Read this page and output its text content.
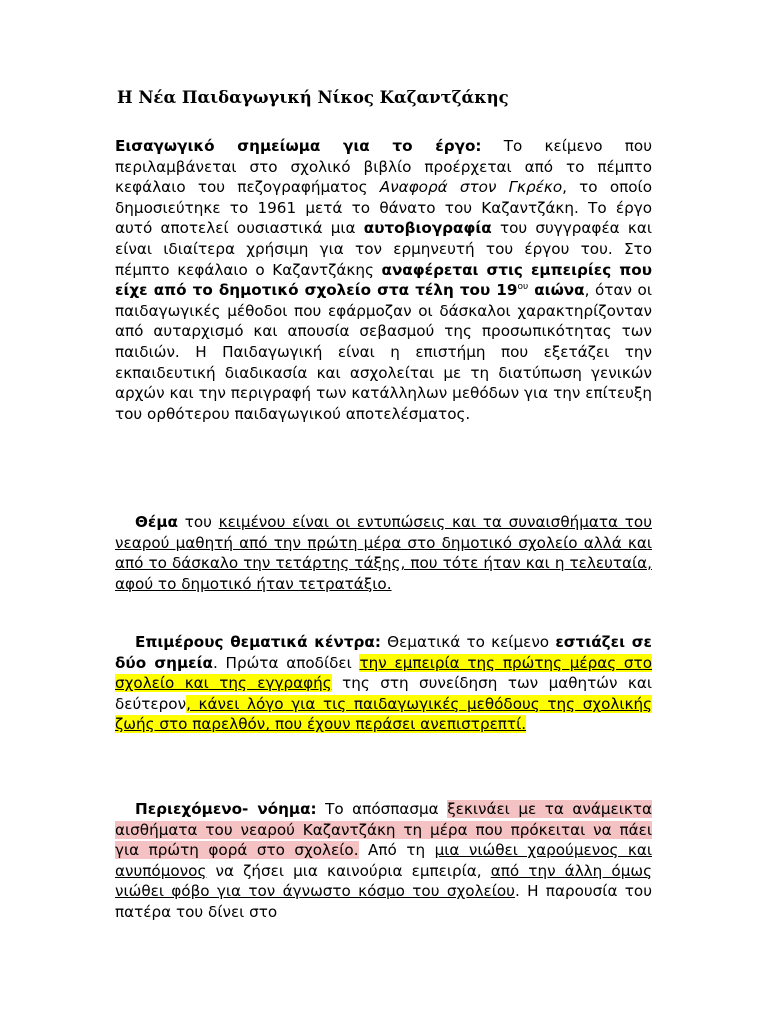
Η Νέα Παιδαγωγική Νίκος Καζαντζάκης
Εισαγωγικό σημείωμα για το έργο: Το κείμενο που περιλαμβάνεται στο σχολικό βιβλίο προέρχεται από το πέμπτο κεφάλαιο του πεζογραφήματος Αναφορά στον Γκρέκο, το οποίο δημοσιεύτηκε το 1961 μετά το θάνατο του Καζαντζάκη. Το έργο αυτό αποτελεί ουσιαστικά μια αυτοβιογραφία του συγγραφέα και είναι ιδιαίτερα χρήσιμη για τον ερμηνευτή του έργου του. Στο πέμπτο κεφάλαιο ο Καζαντζάκης αναφέρεται στις εμπειρίες που είχε από το δημοτικό σχολείο στα τέλη του $19^{o\upsilon}$ αιώνα, όταν οι παιδαγωγικές μέθοδοι που εφάρμοζαν οι δάσκαλοι χαρακτηρίζονταν από αυταρχισμό και απουσία σεβασμού της προσωπικότητας των παιδιών. Η Παιδαγωγική είναι η επιστήμη που εξετάζει την εκπαιδευτική διαδικασία και ασχολείται με τη διατύπωση γενικών αρχών και την περιγραφή των κατάλληλων μεθόδων για την επίτευξη του ορθότερου παιδαγωγικού αποτελέσματος.
Θέμα του κειμένου είναι οι εντυπώσεις και τα συναισθήματα του νεαρού μαθητή από την πρώτη μέρα στο δημοτικό σχολείο αλλά και από το δάσκαλο την τετάρτης τάξης, που τότε ήταν και η τελευταία, αφού το δημοτικό ήταν τετρατάξιο.
Επιμέρους θεματικά κέντρα: Θεματικά το κείμενο εστιάζει σε δύο σημεία. Πρώτα αποδίδει την εμπειρία της πρώτης μέρας στο σχολείο και της εγγραφής της στη συνείδηση των μαθητών και δεύτερον, κάνει λόγο για τις παιδαγωγικές μεθόδους της σχολικής ζωής στο παρελθόν, που έχουν περάσει ανεπιστρεπτί.
Περιεχόμενο- νόημα: Το απόσπασμα ξεκινάει με τα ανάμεικτα αισθήματα του νεαρού Καζαντζάκη τη μέρα που πρόκειται να πάει για πρώτη φορά στο σχολείο. Από τη μια νιώθει χαρούμενος και ανυπόμονος να ζήσει μια καινούρια εμπειρία, από την άλλη όμως νιώθει φόβο για τον άγνωστο κόσμο του σχολείου. Η παρουσία του πατέρα του δίνει στο
